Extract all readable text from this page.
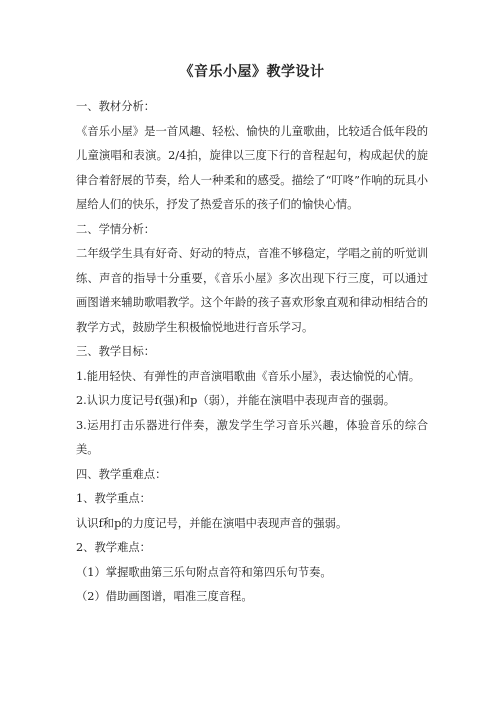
《音乐小屋》教学设计

一、教材分析：

《音乐小屋》是一首风趣、轻松、愉快的儿童歌曲，比较适合低年段的儿童演唱和表演。2/4拍，旋律以三度下行的音程起句，构成起伏的旋律合着舒展的节奏，给人一种柔和的感受。描绘了“叮咚”作响的玩具小屋给人们的快乐，抒发了热爱音乐的孩子们的愉快心情。

二、学情分析：

二年级学生具有好奇、好动的特点，音准不够稳定，学唱之前的听觉训练、声音的指导十分重要，《音乐小屋》多次出现下行三度，可以通过画图谱来辅助歌唱教学。这个年龄的孩子喜欢形象直观和律动相结合的教学方式，鼓励学生积极愉悦地进行音乐学习。

三、教学目标：

1.能用轻快、有弹性的声音演唱歌曲《音乐小屋》，表达愉悦的心情。

2.认识力度记号f(强)和p（弱），并能在演唱中表现声音的强弱。

3.运用打击乐器进行伴奏，激发学生学习音乐兴趣，体验音乐的综合美。

四、教学重难点：

1、教学重点：

认识f和p的力度记号，并能在演唱中表现声音的强弱。

2、教学难点：

（1）掌握歌曲第三乐句附点音符和第四乐句节奏。

（2）借助画图谱，唱准三度音程。
